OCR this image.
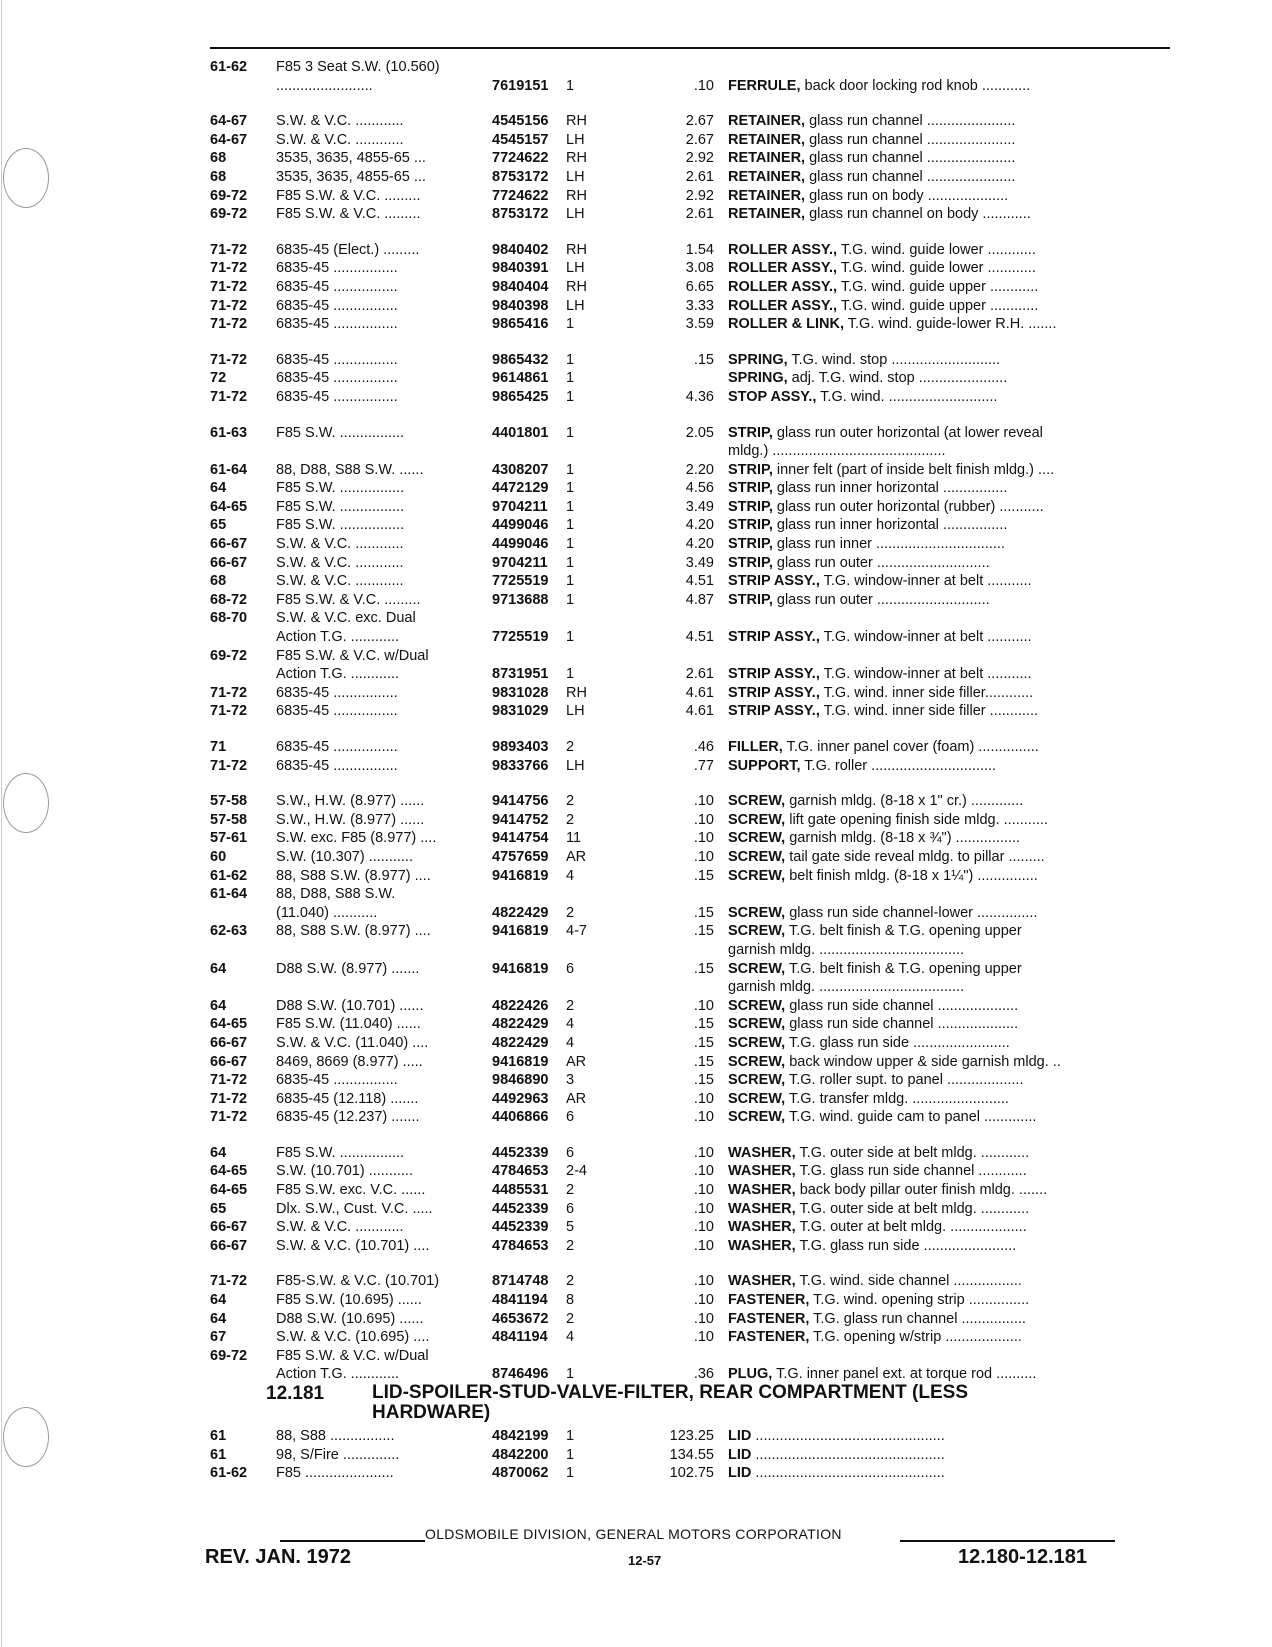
61-62 F85 3 Seat S.W. (10.560)
........................	7619151 1	.10 FERRULE, back door locking rod knob ............
64-67 S.W. & V.C. ............	4545156 RH	2.67 RETAINER, glass run channel ......................
64-67 S.W. & V.C. ............	4545157 LH	2.67 RETAINER, glass run channel ......................
68	3535, 3635, 4855-65 ...	7724622 RH	2.92 RETAINER, glass run channel ......................
68	3535, 3635, 4855-65 ...	8753172 LH	2.61 RETAINER, glass run channel ......................
69-72 F85 S.W. & V.C. .........	7724622 RH	2.92 RETAINER, glass run on body ....................
69-72 F85 S.W. & V.C. .........	8753172 LH	2.61 RETAINER, glass run channel on body ............
71-72 6835-45 (Elect.) .........	9840402 RH	1.54 ROLLER ASSY., T.G. wind. guide lower ............
71-72 6835-45 ................	9840391 LH	3.08 ROLLER ASSY., T.G. wind. guide lower ............
71-72 6835-45 ................	9840404 RH	6.65 ROLLER ASSY., T.G. wind. guide upper ............
71-72 6835-45 ................	9840398 LH	3.33 ROLLER ASSY., T.G. wind. guide upper ............
71-72 6835-45 ................	9865416 1	3.59 ROLLER & LINK, T.G. wind. guide-lower R.H. .......
71-72 6835-45 ................	9865432 1	.15 SPRING, T.G. wind. stop ...........................
72	6835-45 ................	9614861 1	SPRING, adj. T.G. wind. stop ......................
71-72 6835-45 ................	9865425 1	4.36 STOP ASSY., T.G. wind. ...........................
61-63 F85 S.W. ................	4401801 1	2.05 STRIP, glass run outer horizontal (at lower reveal
mldg.) ...........................................
61-64 88, D88, S88 S.W. ......	4308207 1	2.20 STRIP, inner felt (part of inside belt finish mldg.) ....
64	F85 S.W. ................	4472129 1	4.56 STRIP, glass run inner horizontal ................
64-65 F85 S.W. ................	9704211 1	3.49 STRIP, glass run outer horizontal (rubber) ...........
65	F85 S.W. ................	4499046 1	4.20 STRIP, glass run inner horizontal ................
66-67 S.W. & V.C. ............	4499046 1	4.20 STRIP, glass run inner ................................
66-67 S.W. & V.C. ............	9704211 1	3.49 STRIP, glass run outer ............................
68	S.W. & V.C. ............	7725519 1	4.51 STRIP ASSY., T.G. window-inner at belt ...........
68-72 F85 S.W. & V.C. .........	9713688 1	4.87 STRIP, glass run outer ............................
68-70 S.W. & V.C. exc. Dual
Action T.G. ............	7725519 1	4.51 STRIP ASSY., T.G. window-inner at belt ...........
69-72 F85 S.W. & V.C. w/Dual
Action T.G. ............	8731951 1	2.61 STRIP ASSY., T.G. window-inner at belt ...........
71-72 6835-45 ................	9831028 RH	4.61 STRIP ASSY., T.G. wind. inner side filler............
71-72 6835-45 ................	9831029 LH	4.61 STRIP ASSY., T.G. wind. inner side filler ............
71	6835-45 ................	9893403 2	.46 FILLER, T.G. inner panel cover (foam) ...............
71-72 6835-45 ................	9833766 LH	.77 SUPPORT, T.G. roller ...............................
57-58 S.W., H.W. (8.977) ......	9414756 2	.10 SCREW, garnish mldg. (8-18 x 1" cr.) .............
57-58 S.W., H.W. (8.977) ......	9414752 2	.10 SCREW, lift gate opening finish side mldg. ...........
57-61 S.W. exc. F85 (8.977) ....	9414754 11	.10 SCREW, garnish mldg. (8-18 x ¾") ................
60	S.W. (10.307) ...........	4757659 AR	.10 SCREW, tail gate side reveal mldg. to pillar .........
61-62 88, S88 S.W. (8.977) ....	9416819 4	.15 SCREW, belt finish mldg. (8-18 x 1¼") ...............
61-64 88, D88, S88 S.W.
(11.040) ...........	4822429 2	.15 SCREW, glass run side channel-lower ...............
62-63 88, S88 S.W. (8.977) ....	9416819 4-7	.15 SCREW, T.G. belt finish & T.G. opening upper
garnish mldg. ....................................
64	D88 S.W. (8.977) .......	9416819 6	.15 SCREW, T.G. belt finish & T.G. opening upper
garnish mldg. ....................................
64	D88 S.W. (10.701) ......	4822426 2	.10 SCREW, glass run side channel ....................
64-65 F85 S.W. (11.040) ......	4822429 4	.15 SCREW, glass run side channel ....................
66-67 S.W. & V.C. (11.040) ....	4822429 4	.15 SCREW, T.G. glass run side ........................
66-67 8469, 8669 (8.977) .....	9416819 AR	.15 SCREW, back window upper & side garnish mldg. ..
71-72 6835-45 ................	9846890 3	.15 SCREW, T.G. roller supt. to panel ...................
71-72 6835-45 (12.118) .......	4492963 AR	.10 SCREW, T.G. transfer mldg. ........................
71-72 6835-45 (12.237) .......	4406866 6	.10 SCREW, T.G. wind. guide cam to panel .............
64	F85 S.W. ................	4452339 6	.10 WASHER, T.G. outer side at belt mldg. ............
64-65 S.W. (10.701) ...........	4784653 2-4	.10 WASHER, T.G. glass run side channel ............
64-65 F85 S.W. exc. V.C. ......	4485531 2	.10 WASHER, back body pillar outer finish mldg. .......
65	Dlx. S.W., Cust. V.C. .....	4452339 6	.10 WASHER, T.G. outer side at belt mldg. ............
66-67 S.W. & V.C. ............	4452339 5	.10 WASHER, T.G. outer at belt mldg. ...................
66-67 S.W. & V.C. (10.701) ....	4784653 2	.10 WASHER, T.G. glass run side .......................
71-72 F85-S.W. & V.C. (10.701)	8714748 2	.10 WASHER, T.G. wind. side channel .................
64	F85 S.W. (10.695) ......	4841194 8	.10 FASTENER, T.G. wind. opening strip ...............
64	D88 S.W. (10.695) ......	4653672 2	.10 FASTENER, T.G. glass run channel ................
67	S.W. & V.C. (10.695) ....	4841194 4	.10 FASTENER, T.G. opening w/strip ...................
69-72 F85 S.W. & V.C. w/Dual
Action T.G. ............	8746496 1	.36 PLUG, T.G. inner panel ext. at torque rod ..........
12.181	LID-SPOILER-STUD-VALVE-FILTER, REAR COMPARTMENT (LESS HARDWARE)
61	88, S88 ................	4842199 1	123.25 LID ...............................................
61	98, S/Fire ..............	4842200 1	134.55 LID ...............................................
61-62 F85 ......................	4870062 1	102.75 LID ...............................................
OLDSMOBILE DIVISION, GENERAL MOTORS CORPORATION
REV. JAN. 1972	12-57	12.180-12.181
